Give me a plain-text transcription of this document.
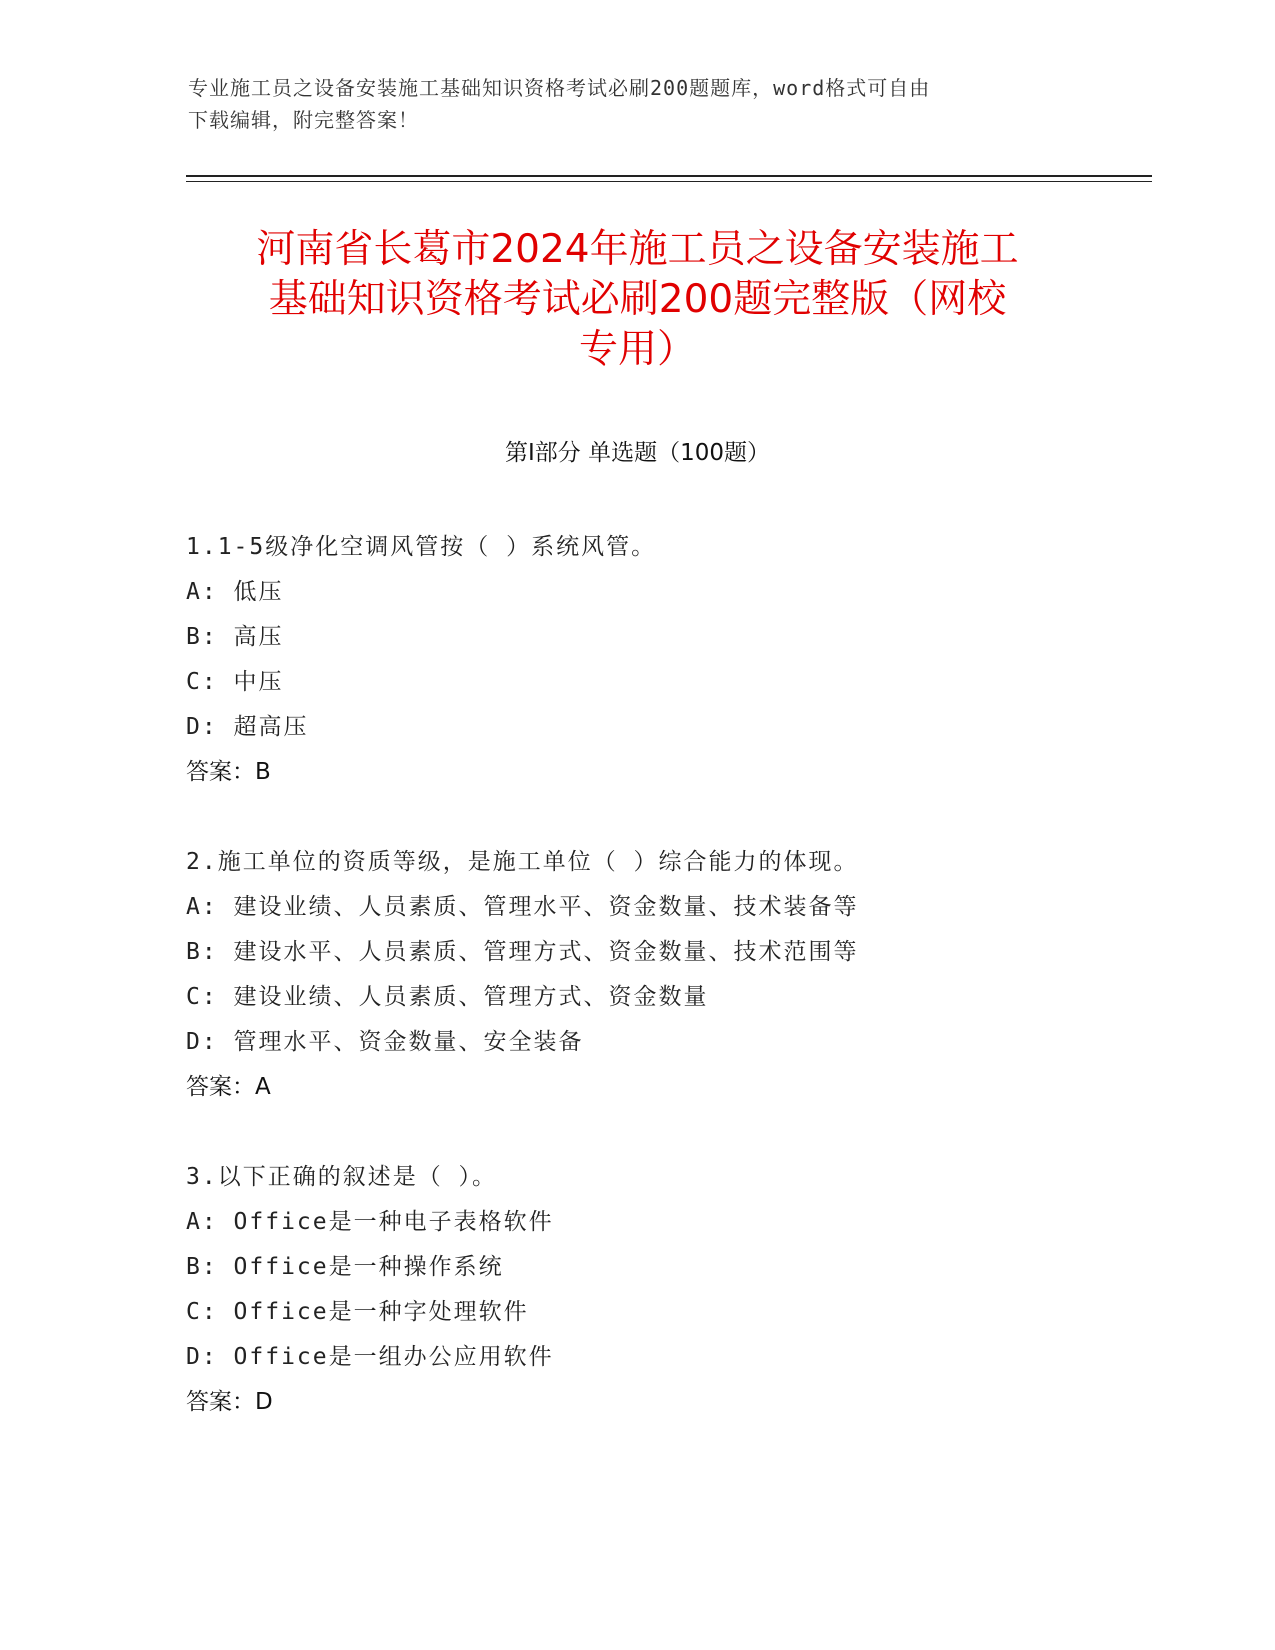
专业施工员之设备安装施工基础知识资格考试必刷200题题库，word格式可自由
下载编辑，附完整答案！
河南省长葛市2024年施工员之设备安装施工
基础知识资格考试必刷200题完整版（网校
专用）
第Ⅰ部分 单选题（100题）
1.1-5级净化空调风管按（ ）系统风管。
A: 低压
B: 高压
C: 中压
D: 超高压
答案：B
2.施工单位的资质等级，是施工单位（ ）综合能力的体现。
A: 建设业绩、人员素质、管理水平、资金数量、技术装备等
B: 建设水平、人员素质、管理方式、资金数量、技术范围等
C: 建设业绩、人员素质、管理方式、资金数量
D: 管理水平、资金数量、安全装备
答案：A
3.以下正确的叙述是（ ）。
A: Office是一种电子表格软件
B: Office是一种操作系统
C: Office是一种字处理软件
D: Office是一组办公应用软件
答案：D
